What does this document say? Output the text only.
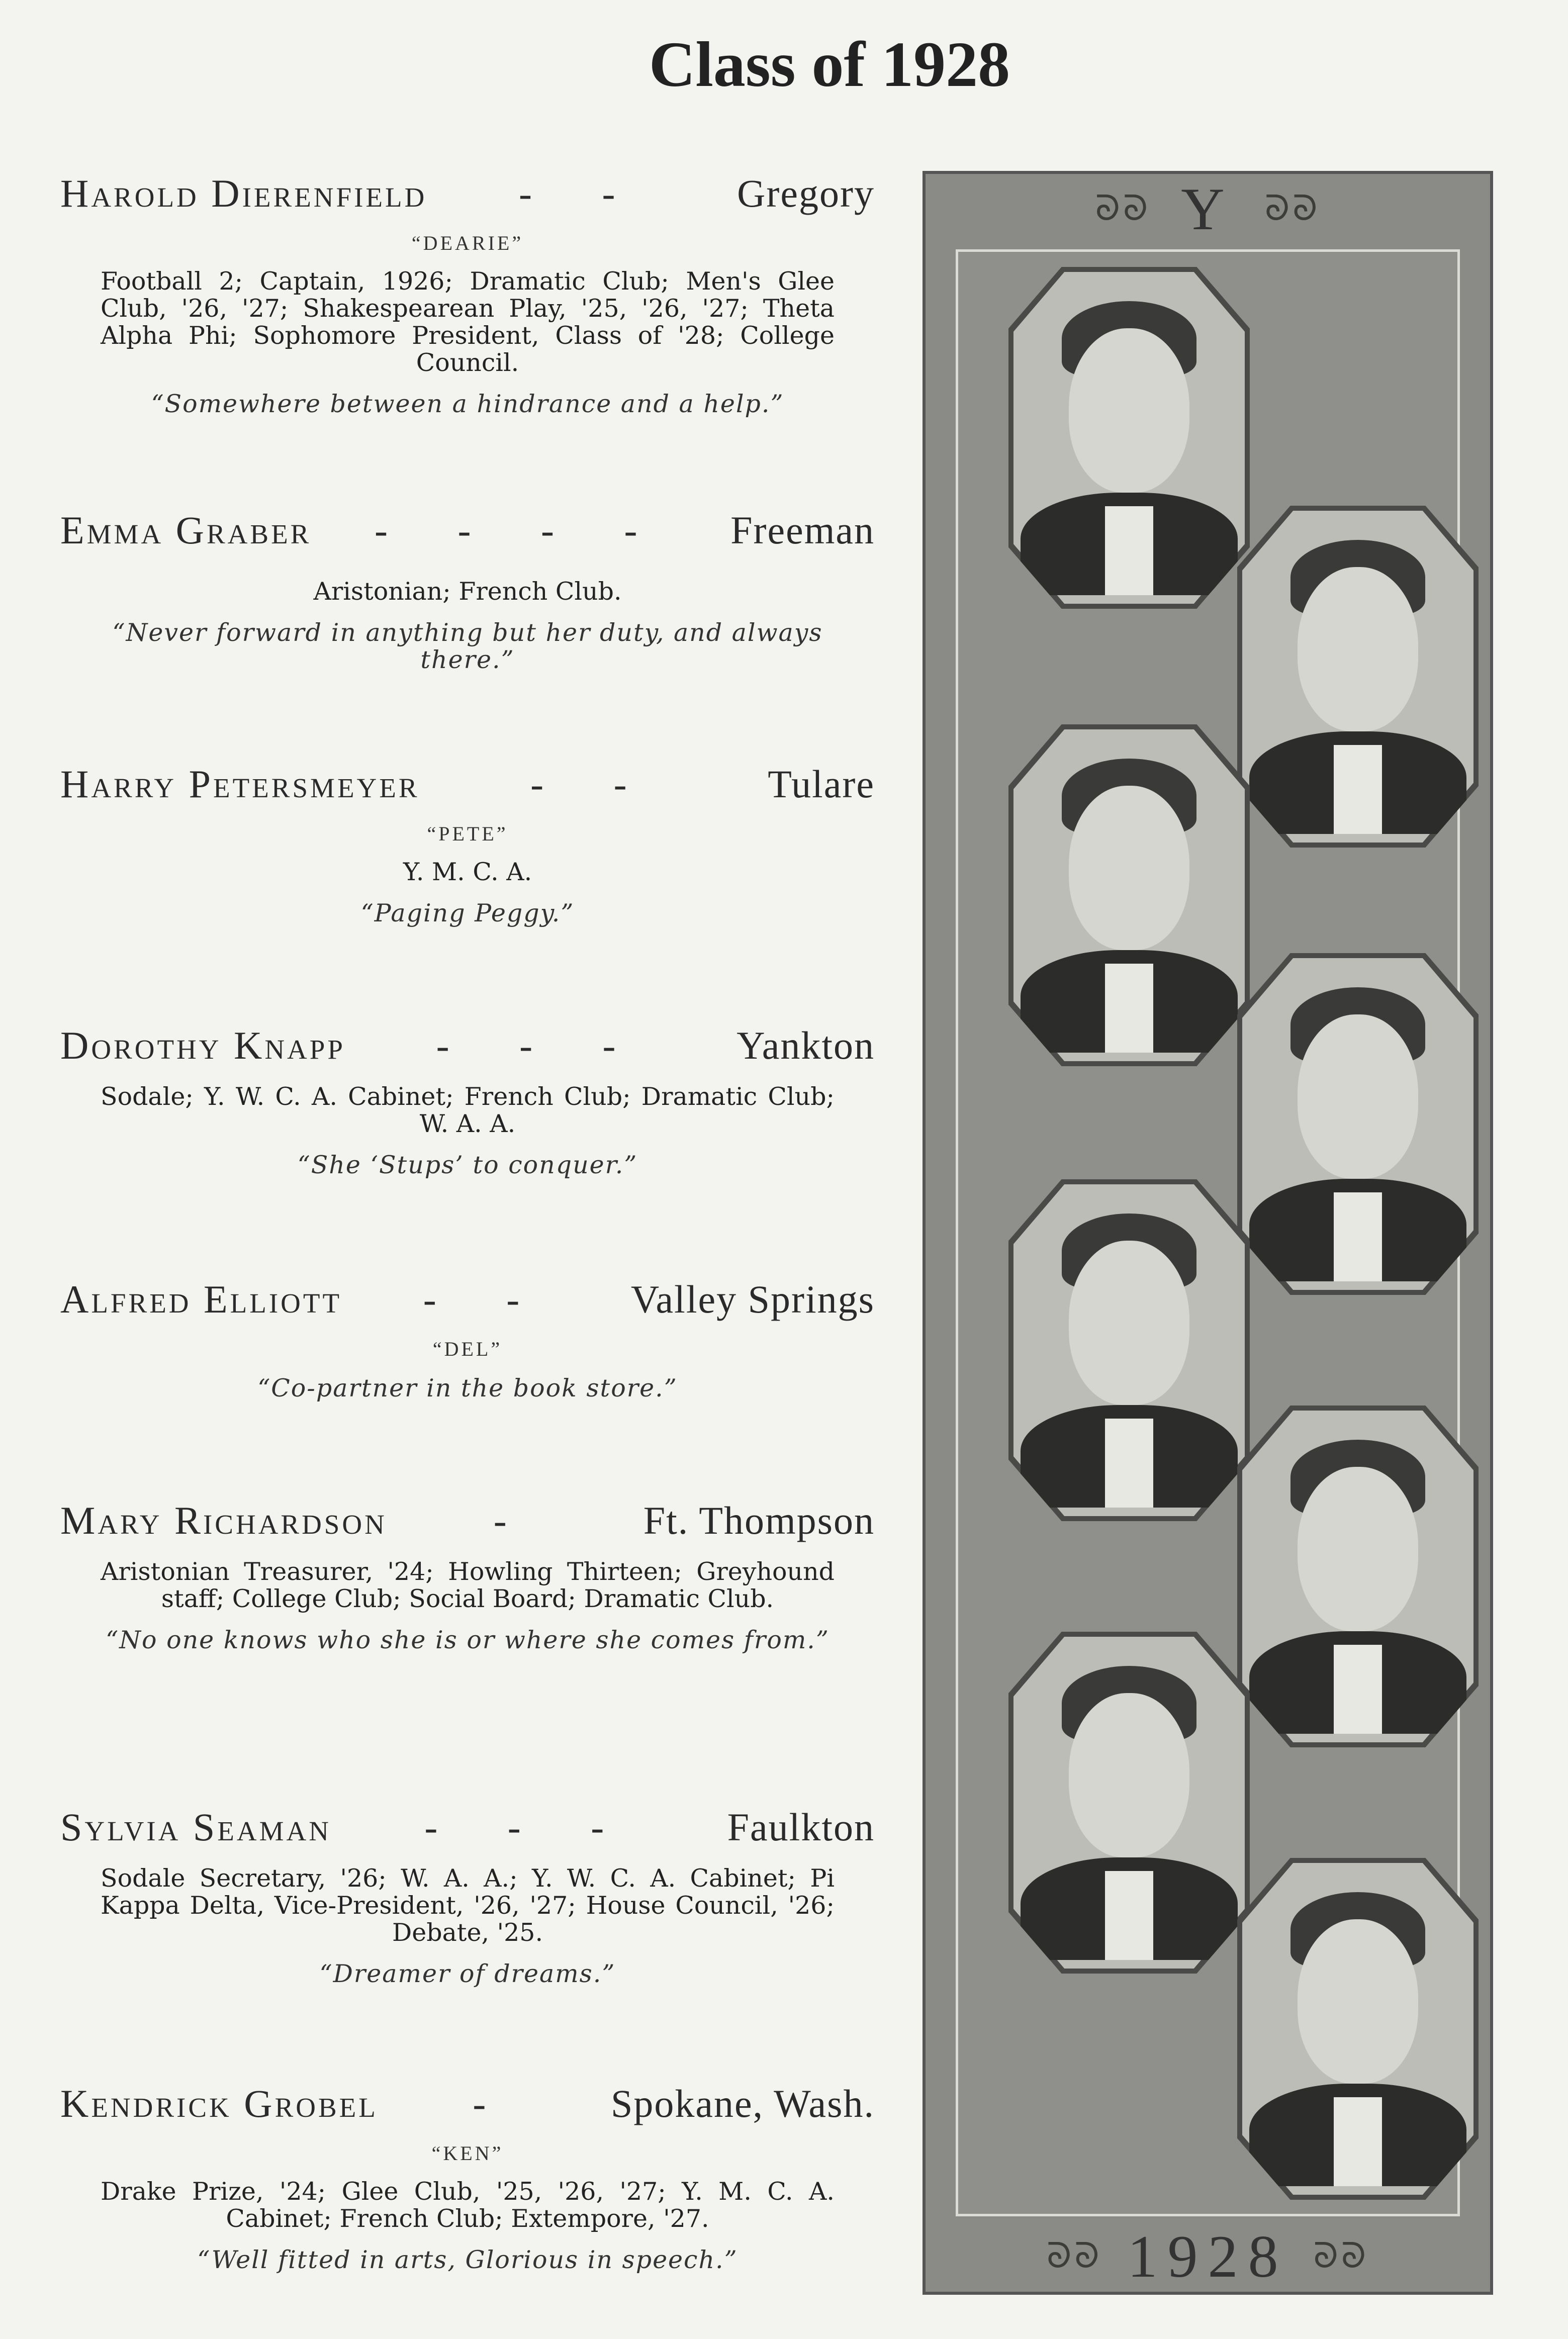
Class of 1928
Harold Dierenfield	- -	Gregory
“DEARIE”
Football 2; Captain, 1926; Dramatic Club; Men's Glee Club, '26, '27; Shakespearean Play, '25, '26, '27; Theta Alpha Phi; Sophomore President, Class of '28; College Council.
“Somewhere between a hindrance and a help.”
Emma Graber	- - - -	Freeman
Aristonian; French Club.
“Never forward in anything but her duty, and always there.”
Harry Petersmeyer	- -	Tulare
“PETE”
Y. M. C. A.
“Paging Peggy.”
Dorothy Knapp	- - -	Yankton
Sodale; Y. W. C. A. Cabinet; French Club; Dramatic Club; W. A. A.
“She ‘Stups’ to conquer.”
Alfred Elliott	- -	Valley Springs
“DEL”
“Co-partner in the book store.”
Mary Richardson	-	Ft. Thompson
Aristonian Treasurer, '24; Howling Thirteen; Greyhound staff; College Club; Social Board; Dramatic Club.
“No one knows who she is or where she comes from.”
Sylvia Seaman	- - -	Faulkton
Sodale Secretary, '26; W. A. A.; Y. W. C. A. Cabinet; Pi Kappa Delta, Vice-President, '26, '27; House Council, '26; Debate, '25.
“Dreamer of dreams.”
Kendrick Grobel	-	Spokane, Wash.
“KEN”
Drake Prize, '24; Glee Club, '25, '26, '27; Y. M. C. A. Cabinet; French Club; Extempore, '27.
“Well fitted in arts, Glorious in speech.”
ᘐᘐ Y ᘐᘐ
ᘐᘐ 1928 ᘐᘐ
